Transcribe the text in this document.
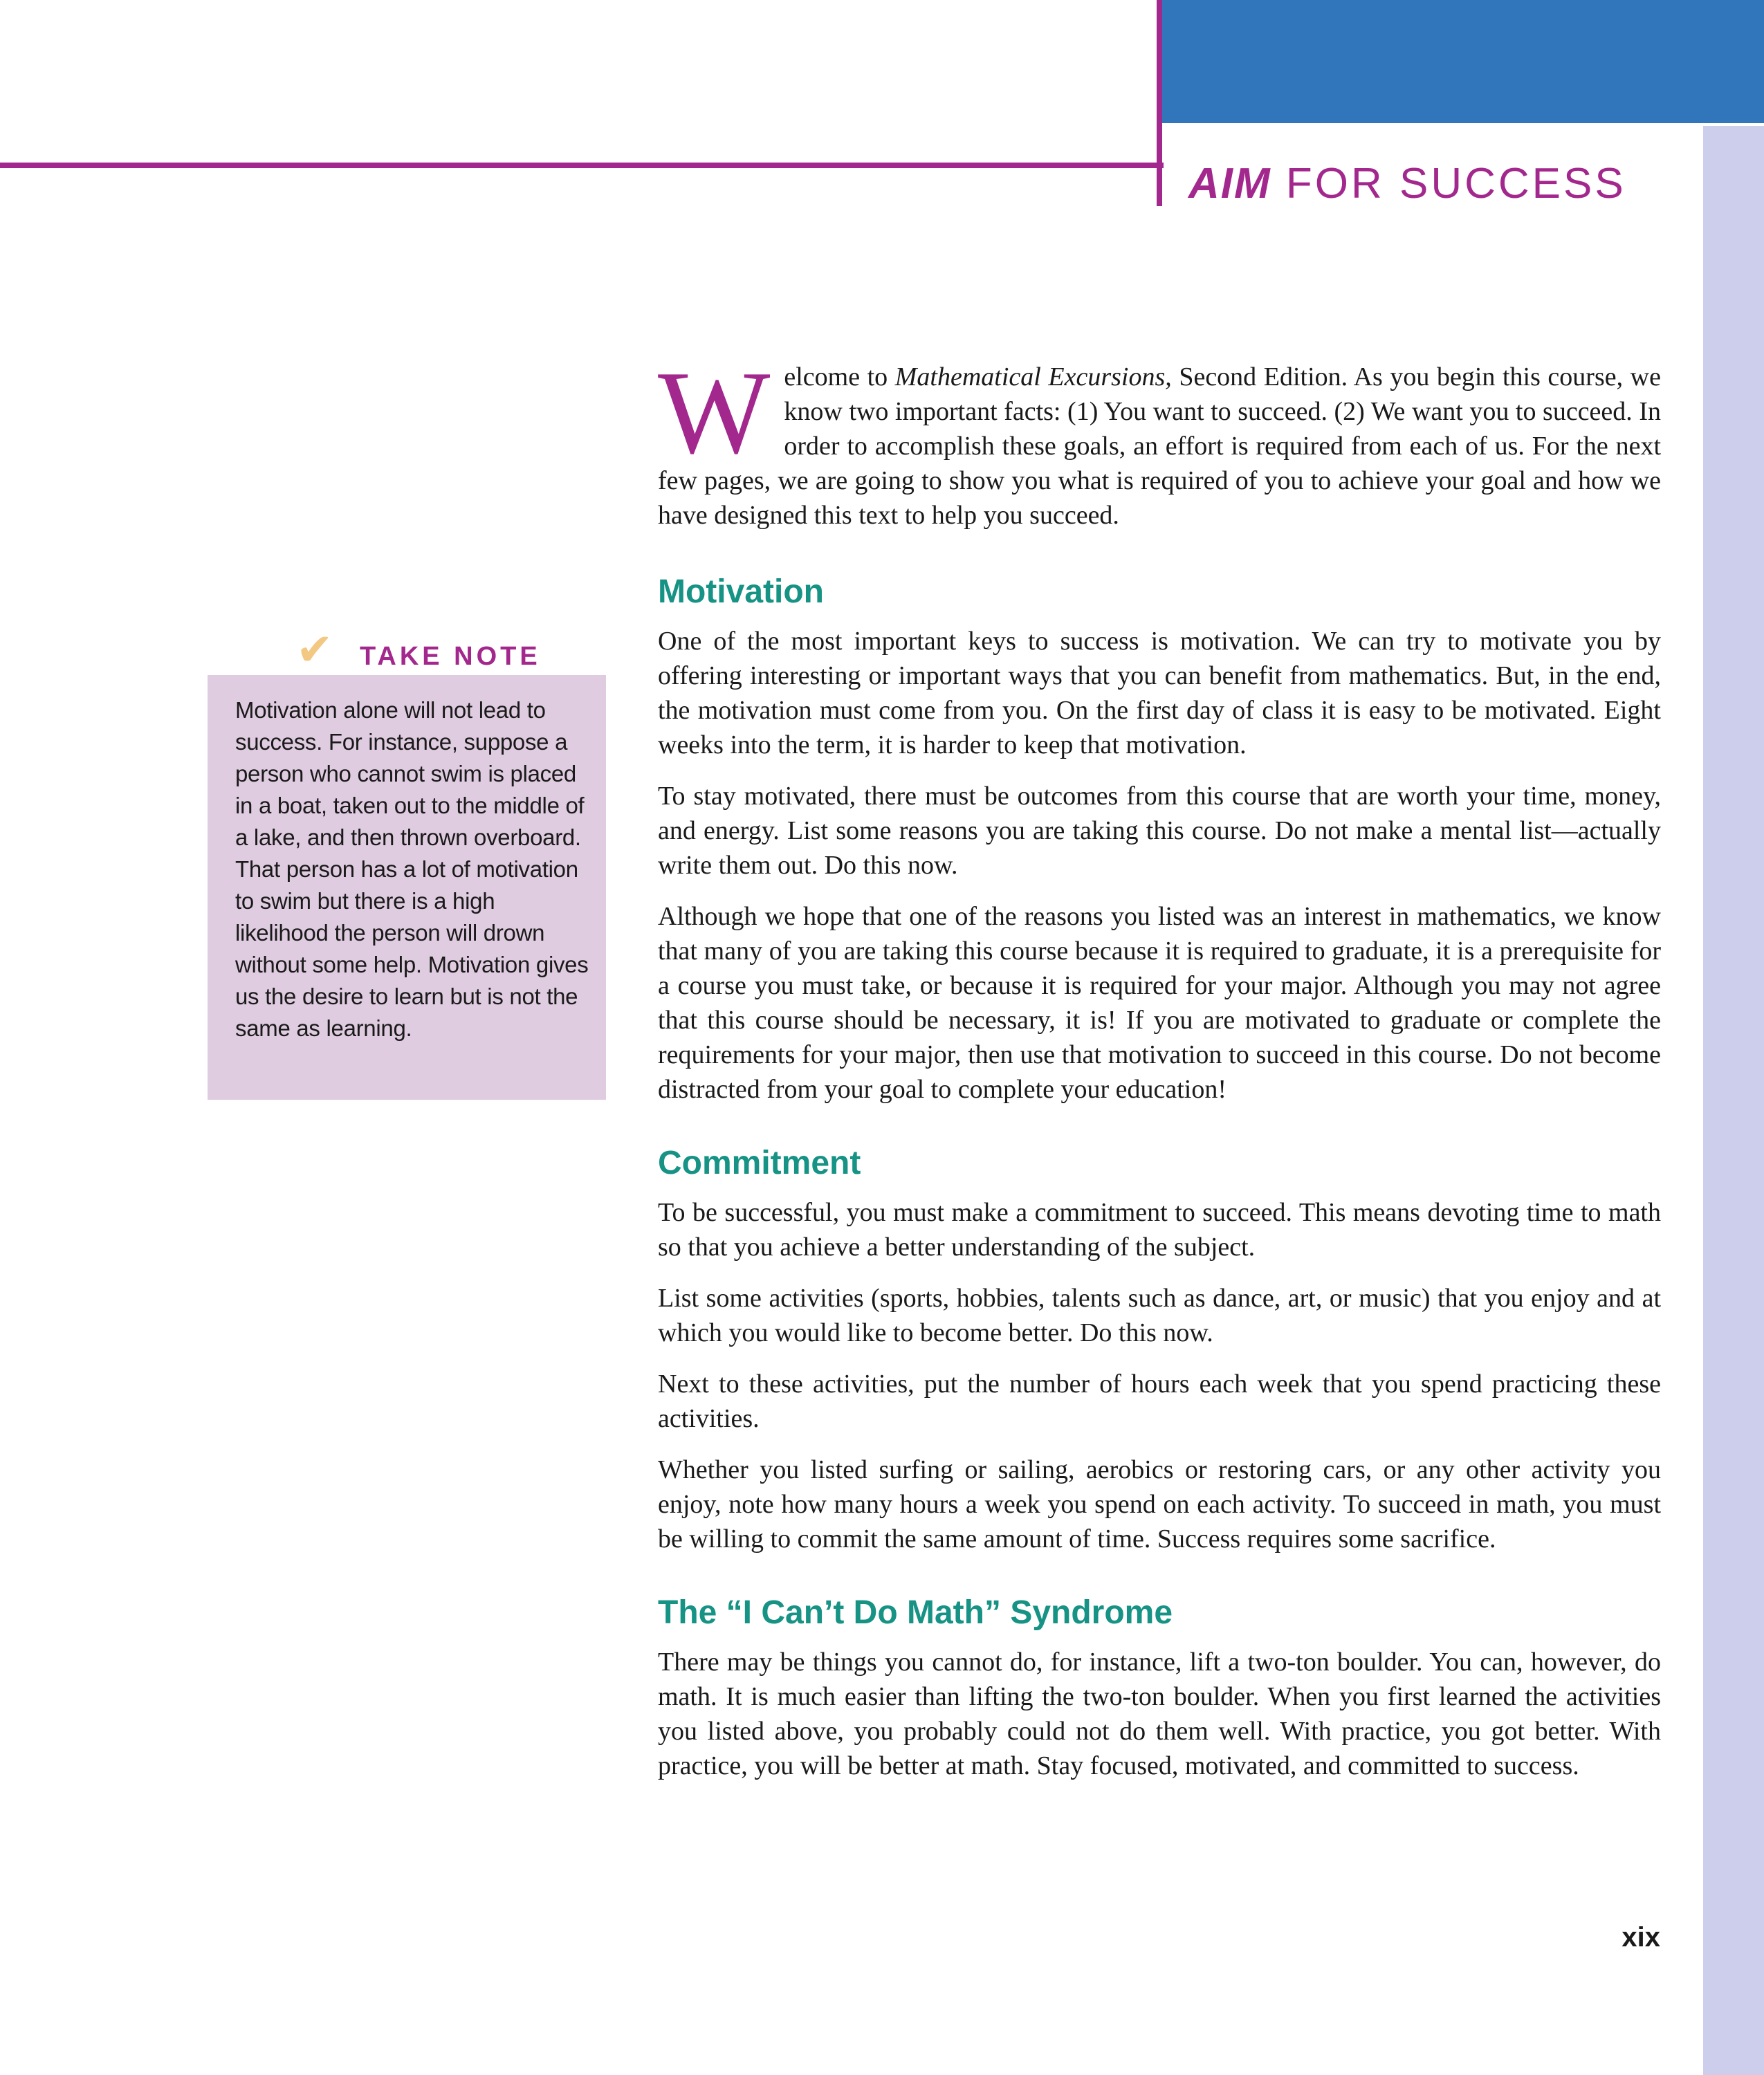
AIM FOR SUCCESS

Welcome to Mathematical Excursions, Second Edition. As you begin this course, we know two important facts: (1) You want to succeed. (2) We want you to succeed. In order to accomplish these goals, an effort is required from each of us. For the next few pages, we are going to show you what is required of you to achieve your goal and how we have designed this text to help you succeed.

Motivation

One of the most important keys to success is motivation. We can try to motivate you by offering interesting or important ways that you can benefit from mathematics. But, in the end, the motivation must come from you. On the first day of class it is easy to be motivated. Eight weeks into the term, it is harder to keep that motivation.

To stay motivated, there must be outcomes from this course that are worth your time, money, and energy. List some reasons you are taking this course. Do not make a mental list—actually write them out. Do this now.

Although we hope that one of the reasons you listed was an interest in mathematics, we know that many of you are taking this course because it is required to graduate, it is a prerequisite for a course you must take, or because it is required for your major. Although you may not agree that this course should be necessary, it is! If you are motivated to graduate or complete the requirements for your major, then use that motivation to succeed in this course. Do not become distracted from your goal to complete your education!

Commitment

To be successful, you must make a commitment to succeed. This means devoting time to math so that you achieve a better understanding of the subject.

List some activities (sports, hobbies, talents such as dance, art, or music) that you enjoy and at which you would like to become better. Do this now.

Next to these activities, put the number of hours each week that you spend practicing these activities.

Whether you listed surfing or sailing, aerobics or restoring cars, or any other activity you enjoy, note how many hours a week you spend on each activity. To succeed in math, you must be willing to commit the same amount of time. Success requires some sacrifice.

The “I Can’t Do Math” Syndrome

There may be things you cannot do, for instance, lift a two-ton boulder. You can, however, do math. It is much easier than lifting the two-ton boulder. When you first learned the activities you listed above, you probably could not do them well. With practice, you got better. With practice, you will be better at math. Stay focused, motivated, and committed to success.

✔ TAKE NOTE

Motivation alone will not lead to success. For instance, suppose a person who cannot swim is placed in a boat, taken out to the middle of a lake, and then thrown overboard. That person has a lot of motivation to swim but there is a high likelihood the person will drown without some help. Motivation gives us the desire to learn but is not the same as learning.

xix
